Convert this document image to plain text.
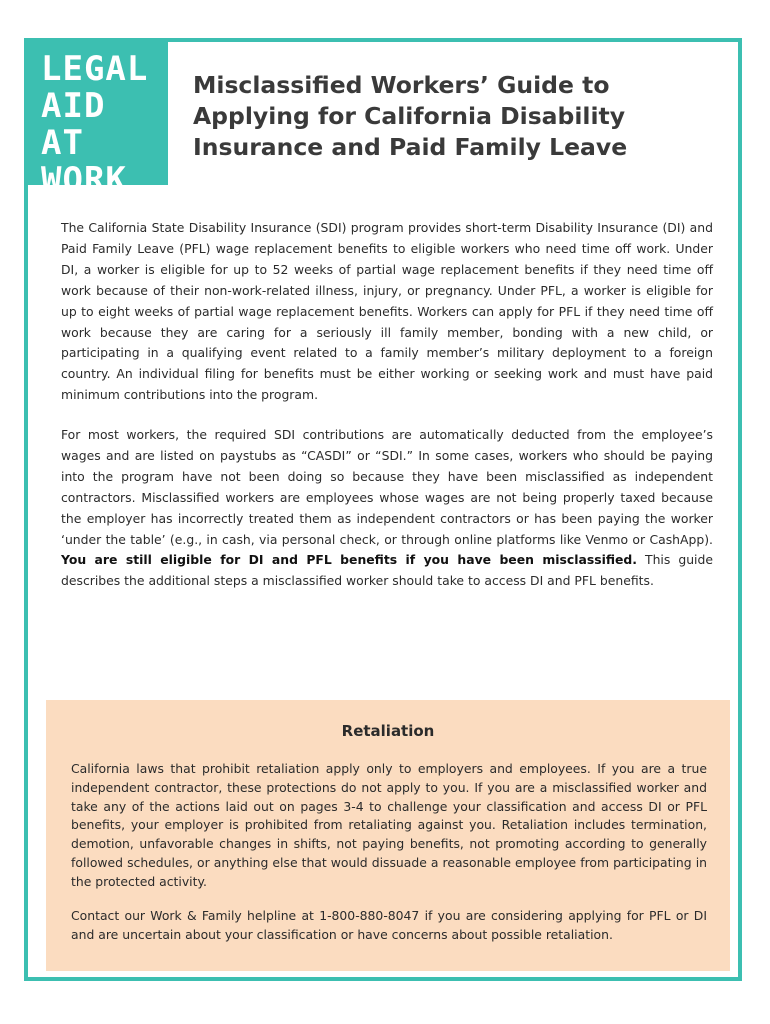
LEGAL
AID AT
WORK
Misclassified Workers’ Guide to Applying for California Disability Insurance and Paid Family Leave

The California State Disability Insurance (SDI) program provides short-term Disability Insurance (DI) and Paid Family Leave (PFL) wage replacement benefits to eligible workers who need time off work. Under DI, a worker is eligible for up to 52 weeks of partial wage replacement benefits if they need time off work because of their non-work-related illness, injury, or pregnancy. Under PFL, a worker is eligible for up to eight weeks of partial wage replacement benefits. Workers can apply for PFL if they need time off work because they are caring for a seriously ill family member, bonding with a new child, or participating in a qualifying event related to a family member’s military deployment to a foreign country. An individual filing for benefits must be either working or seeking work and must have paid minimum contributions into the program.

For most workers, the required SDI contributions are automatically deducted from the employee’s wages and are listed on paystubs as “CASDI” or “SDI.” In some cases, workers who should be paying into the program have not been doing so because they have been misclassified as independent contractors. Misclassified workers are employees whose wages are not being properly taxed because the employer has incorrectly treated them as independent contractors or has been paying the worker ‘under the table’ (e.g., in cash, via personal check, or through online platforms like Venmo or CashApp). You are still eligible for DI and PFL benefits if you have been misclassified. This guide describes the additional steps a misclassified worker should take to access DI and PFL benefits.

Retaliation

California laws that prohibit retaliation apply only to employers and employees. If you are a true independent contractor, these protections do not apply to you. If you are a misclassified worker and take any of the actions laid out on pages 3-4 to challenge your classification and access DI or PFL benefits, your employer is prohibited from retaliating against you. Retaliation includes termination, demotion, unfavorable changes in shifts, not paying benefits, not promoting according to generally followed schedules, or anything else that would dissuade a reasonable employee from participating in the protected activity.

Contact our Work & Family helpline at 1-800-880-8047 if you are considering applying for PFL or DI and are uncertain about your classification or have concerns about possible retaliation.
